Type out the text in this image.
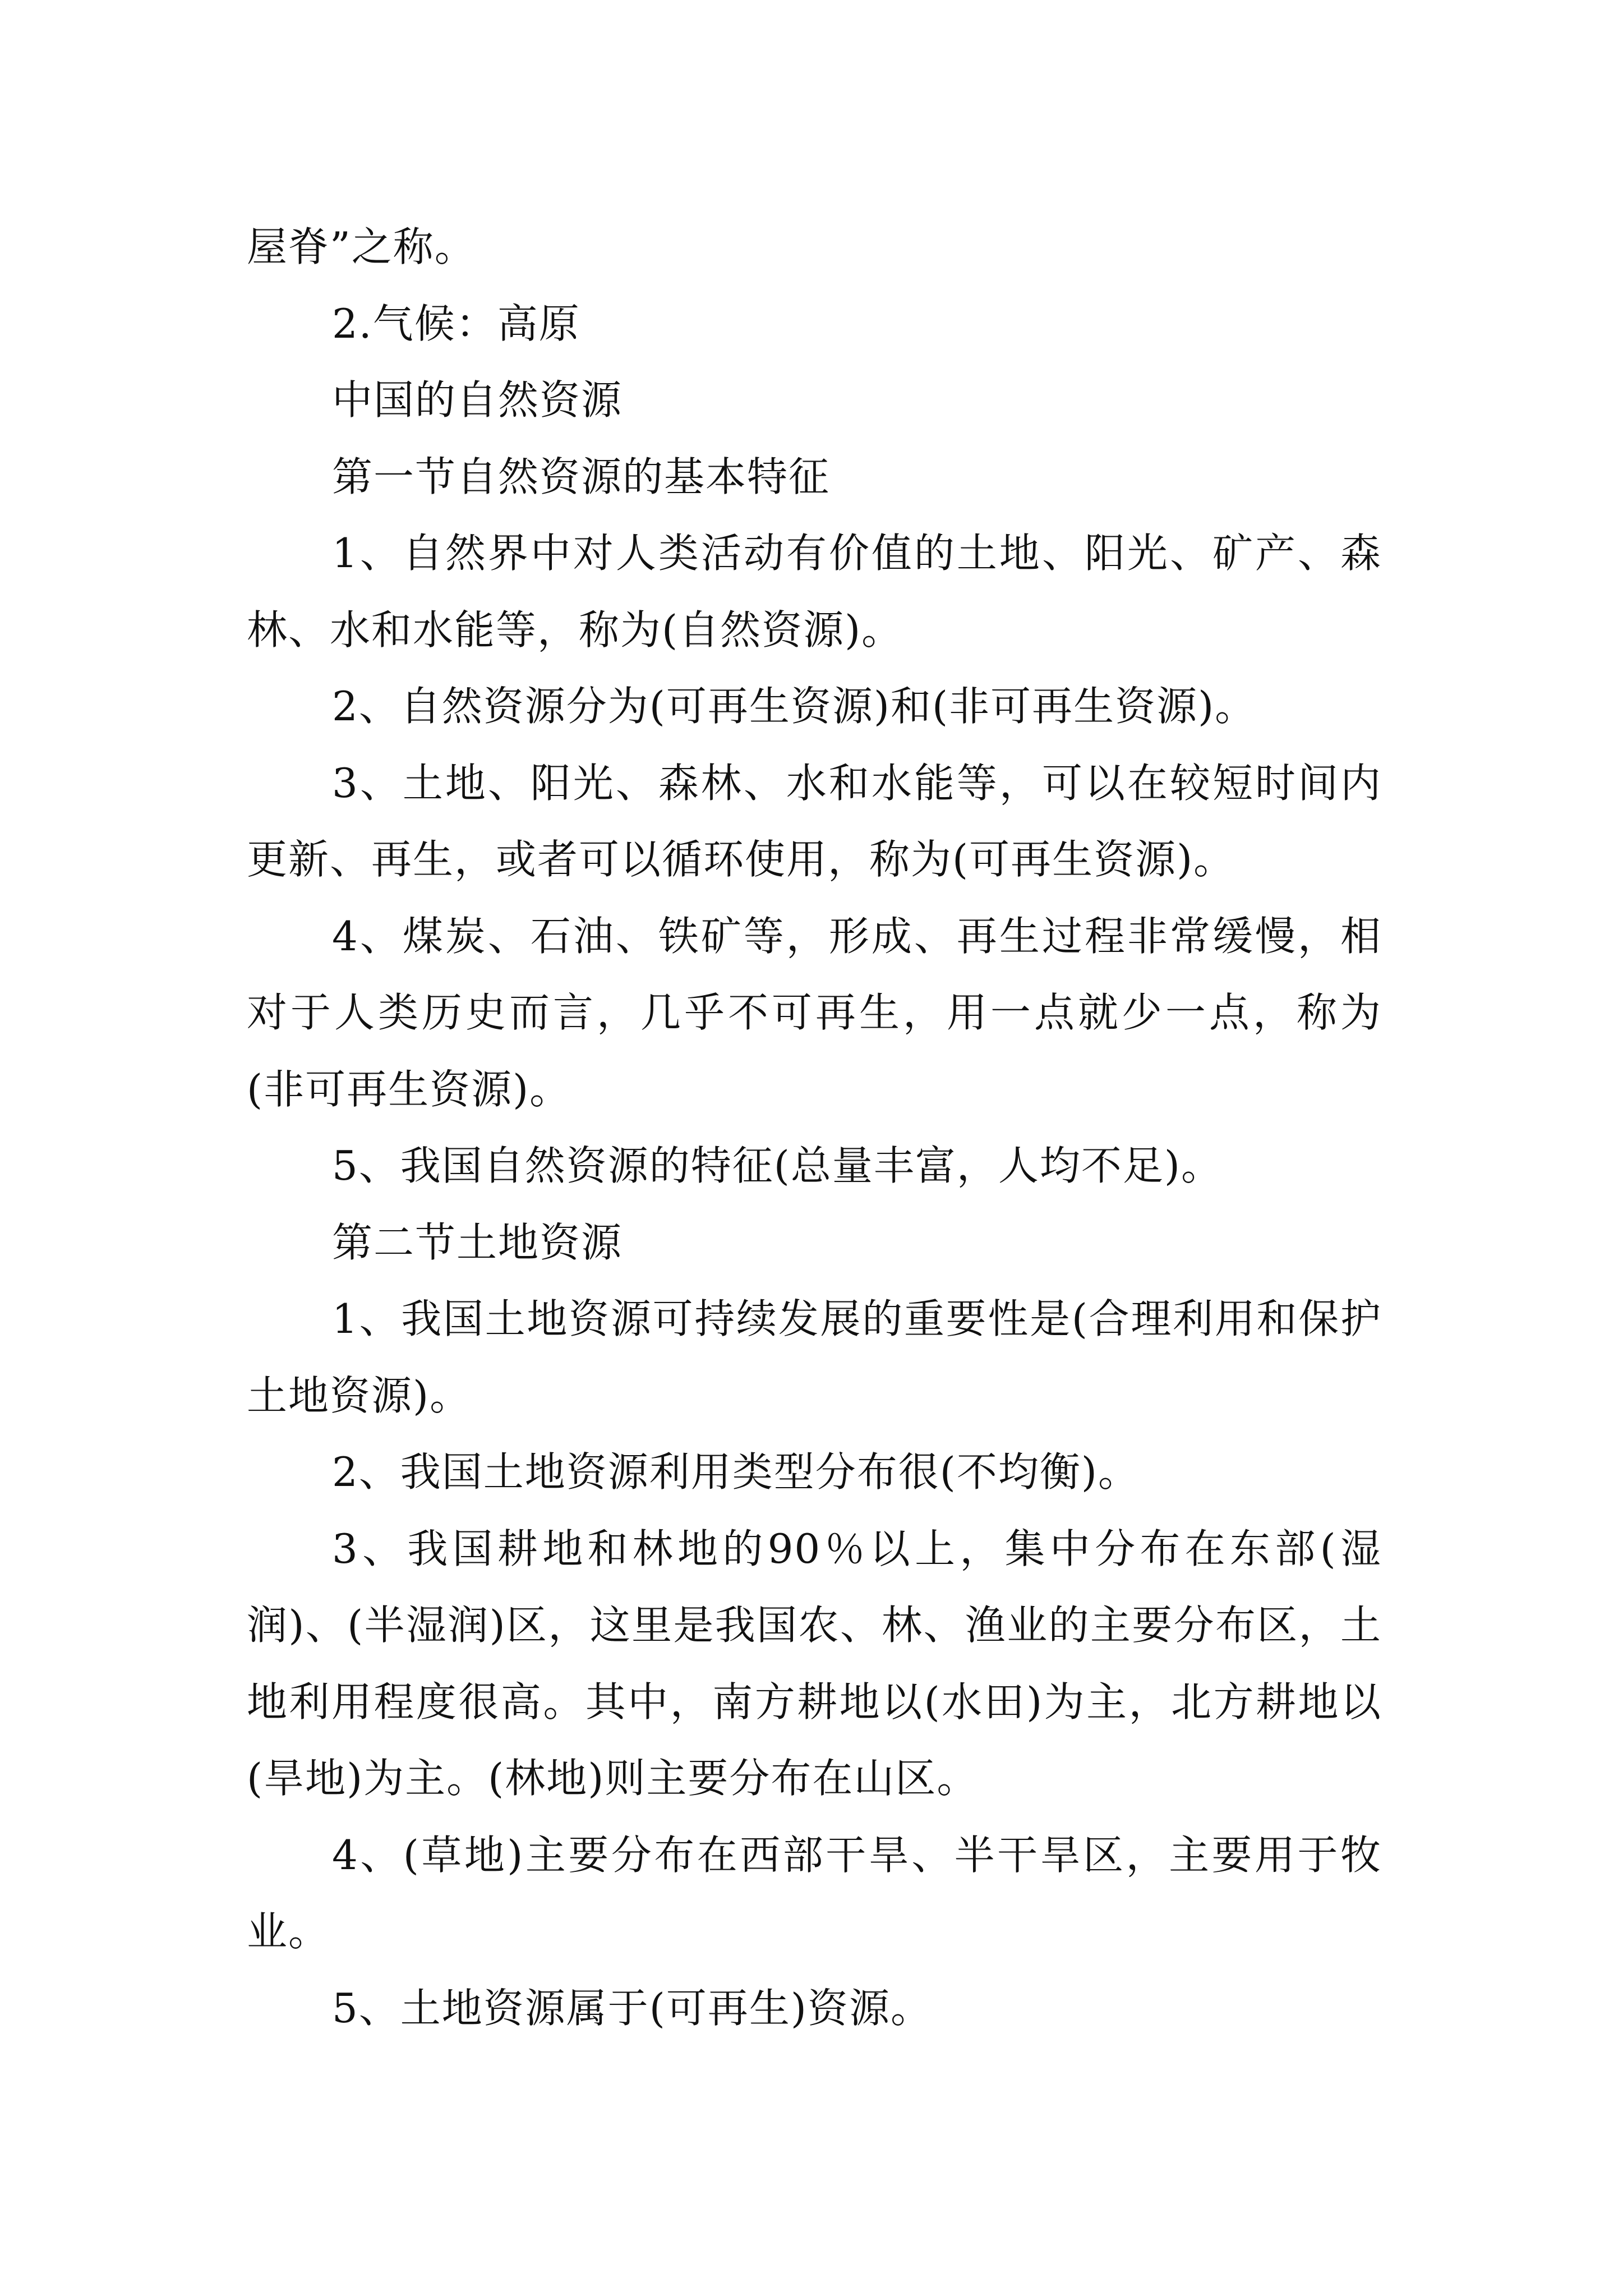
屋脊”之称。

2.气候：高原

中国的自然资源

第一节自然资源的基本特征

1、自然界中对人类活动有价值的土地、阳光、矿产、森林、水和水能等，称为(自然资源)。

2、自然资源分为(可再生资源)和(非可再生资源)。

3、土地、阳光、森林、水和水能等，可以在较短时间内更新、再生，或者可以循环使用，称为(可再生资源)。

4、煤炭、石油、铁矿等，形成、再生过程非常缓慢，相对于人类历史而言，几乎不可再生，用一点就少一点，称为(非可再生资源)。

5、我国自然资源的特征(总量丰富，人均不足)。

第二节土地资源

1、我国土地资源可持续发展的重要性是(合理利用和保护土地资源)。

2、我国土地资源利用类型分布很(不均衡)。

3、我国耕地和林地的90％以上，集中分布在东部(湿润)、(半湿润)区，这里是我国农、林、渔业的主要分布区，土地利用程度很高。其中，南方耕地以(水田)为主，北方耕地以(旱地)为主。(林地)则主要分布在山区。

4、(草地)主要分布在西部干旱、半干旱区，主要用于牧业。

5、土地资源属于(可再生)资源。
